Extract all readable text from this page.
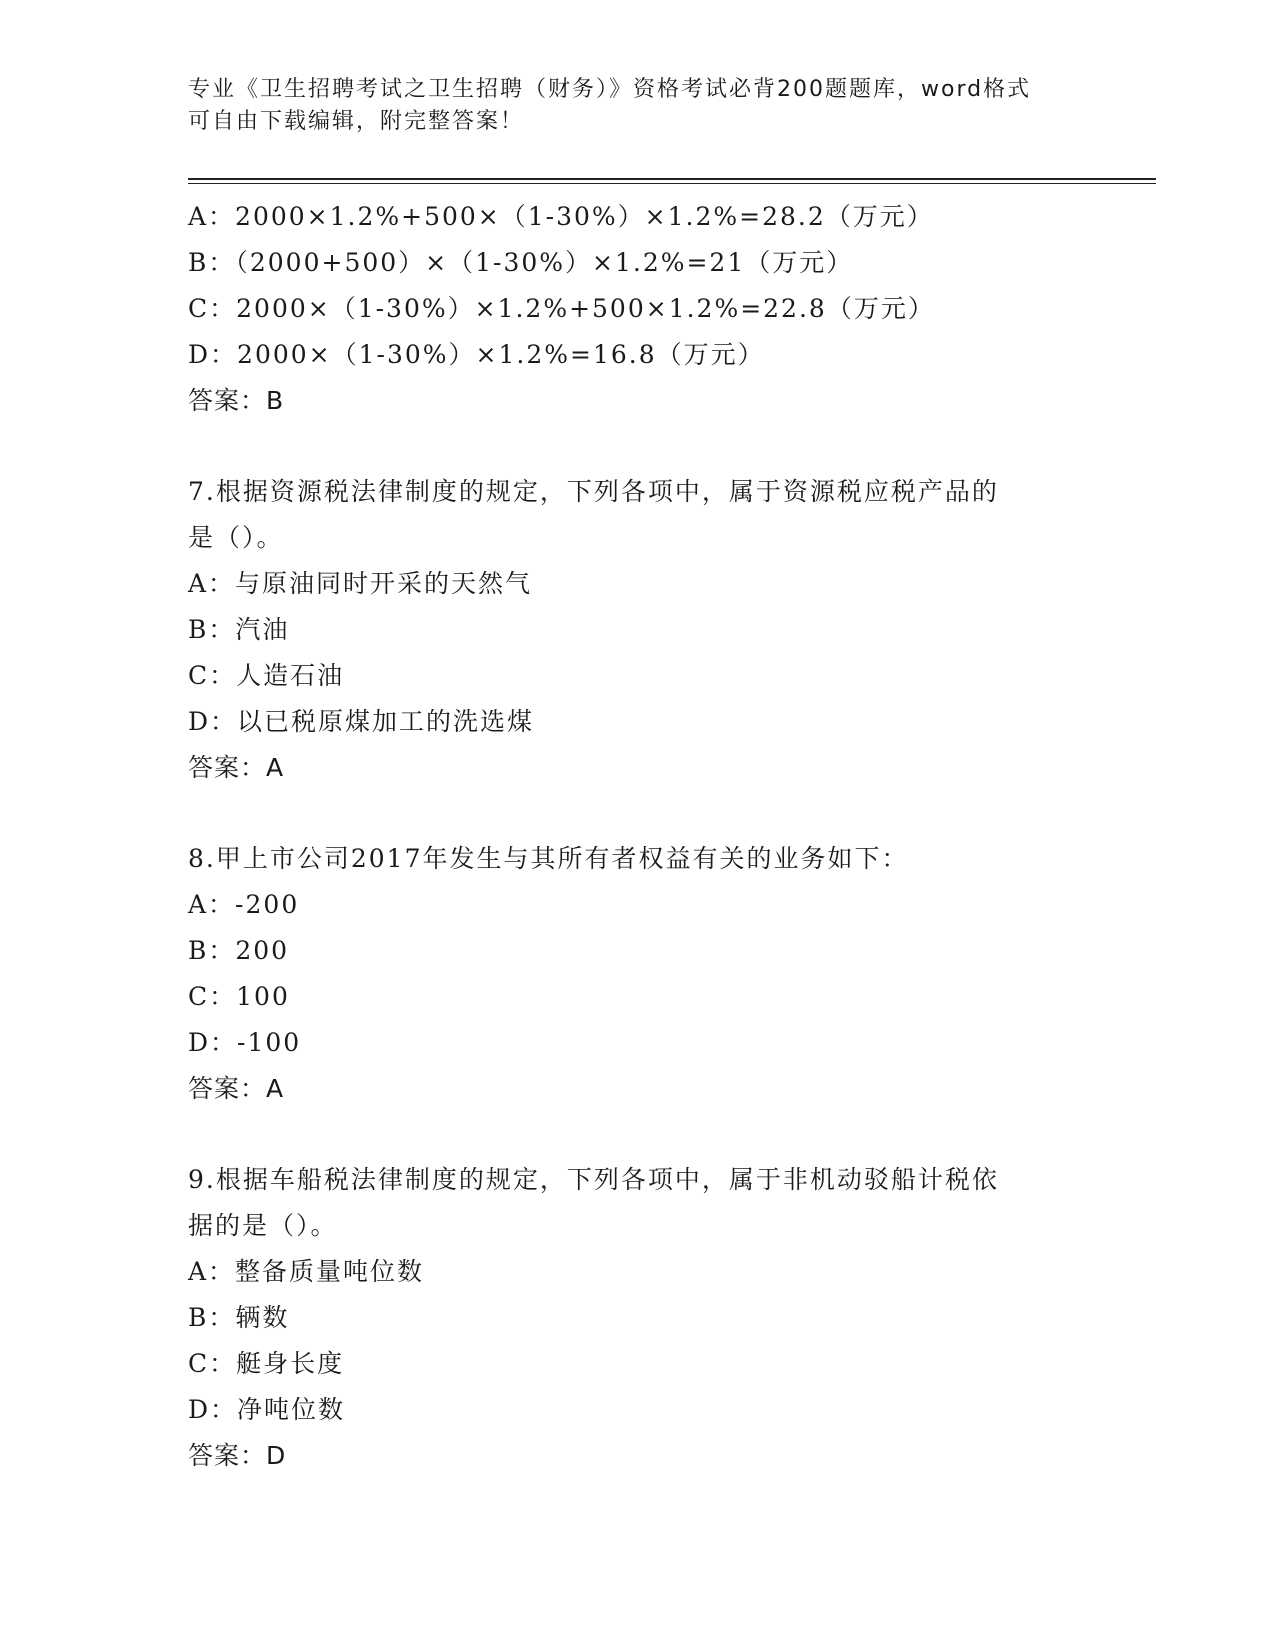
专业《卫生招聘考试之卫生招聘（财务）》资格考试必背200题题库，word格式
可自由下载编辑，附完整答案！
A：2000×1.2%+500×（1-30%）×1.2%=28.2（万元）
B：（2000+500）×（1-30%）×1.2%=21（万元）
C：2000×（1-30%）×1.2%+500×1.2%=22.8（万元）
D：2000×（1-30%）×1.2%=16.8（万元）
答案：B
7.根据资源税法律制度的规定，下列各项中，属于资源税应税产品的
是（）。
A：与原油同时开采的天然气
B：汽油
C：人造石油
D：以已税原煤加工的洗选煤
答案：A
8.甲上市公司2017年发生与其所有者权益有关的业务如下：
A：-200
B：200
C：100
D：-100
答案：A
9.根据车船税法律制度的规定，下列各项中，属于非机动驳船计税依
据的是（）。
A：整备质量吨位数
B：辆数
C：艇身长度
D：净吨位数
答案：D
